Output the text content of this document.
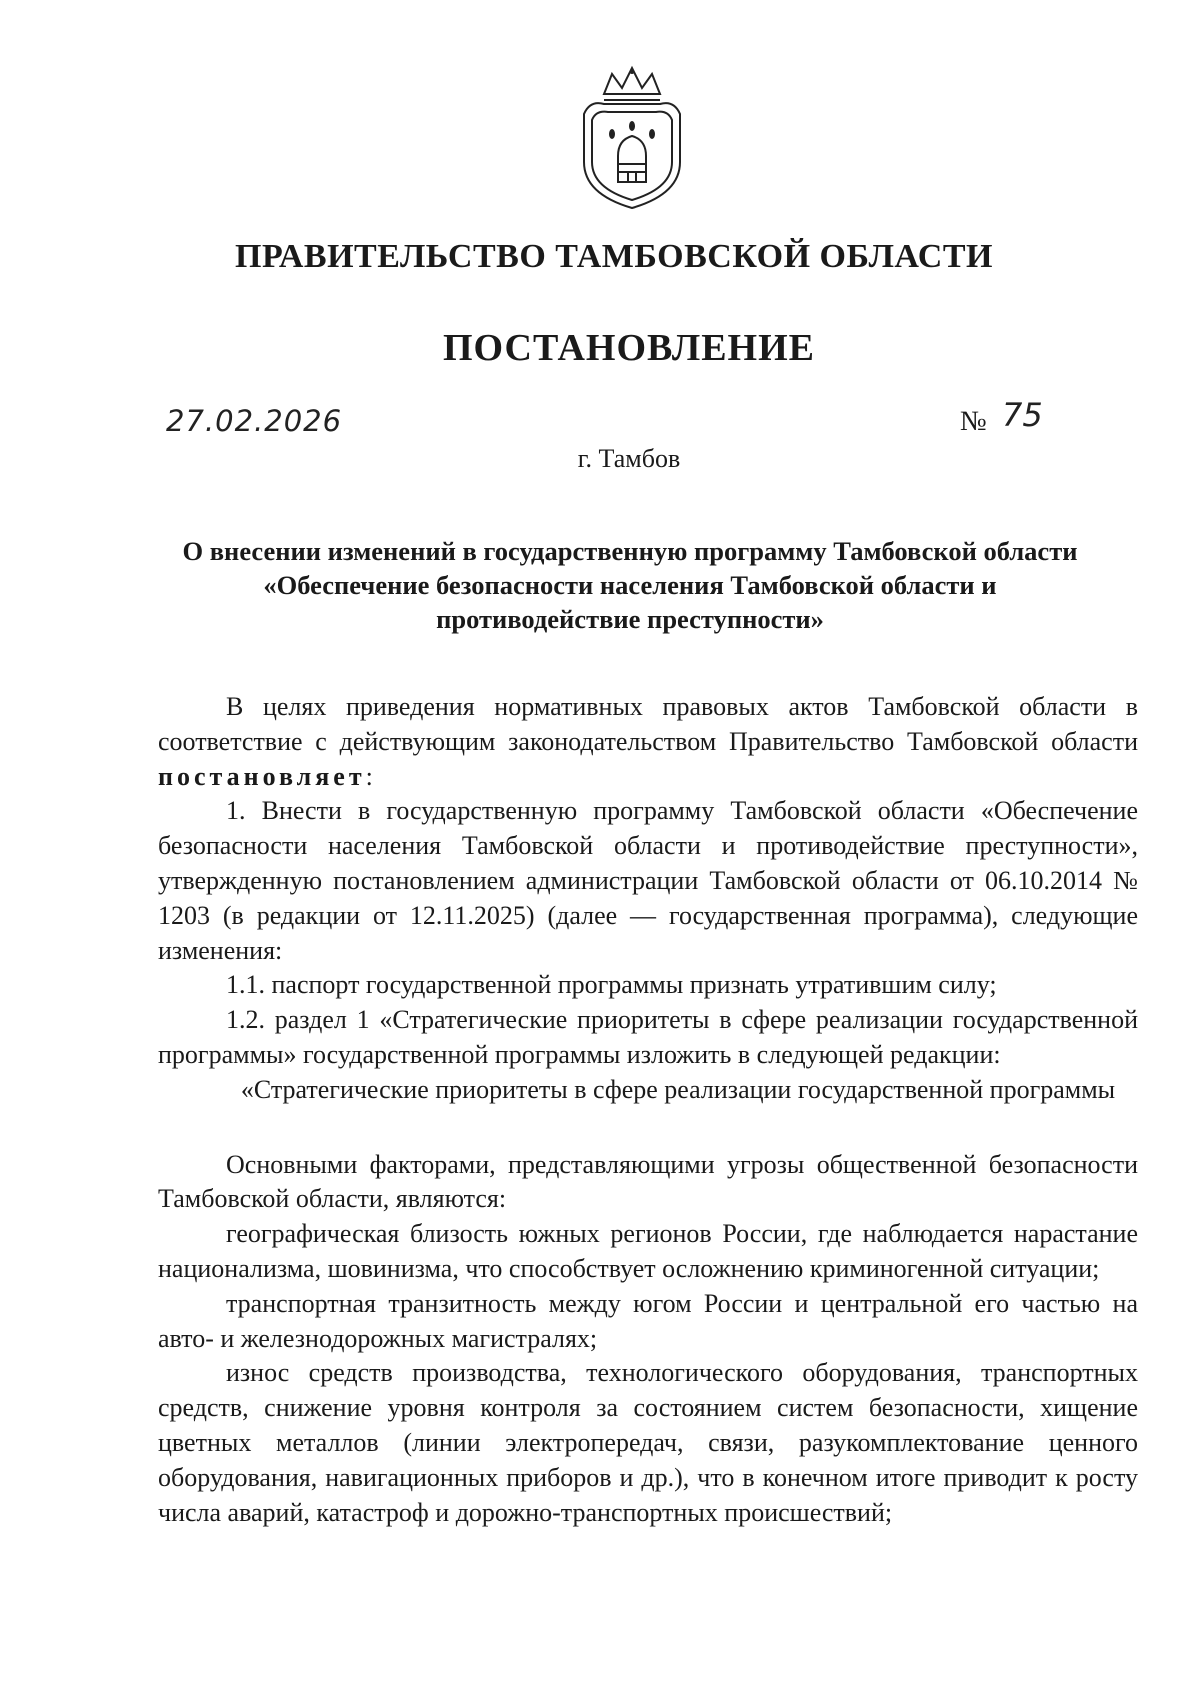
ПРАВИТЕЛЬСТВО ТАМБОВСКОЙ ОБЛАСТИ
ПОСТАНОВЛЕНИЕ
27.02.2026	№ 75
г. Тамбов
О внесении изменений в государственную программу Тамбовской области
«Обеспечение безопасности населения Тамбовской области и
противодействие преступности»

В целях приведения нормативных правовых актов Тамбовской области в соответствие с действующим законодательством Правительство Тамбовской области постановляет:

1. Внести в государственную программу Тамбовской области «Обеспечение безопасности населения Тамбовской области и противодействие преступности», утвержденную постановлением администрации Тамбовской области от 06.10.2014 № 1203 (в редакции от 12.11.2025) (далее — государственная программа), следующие изменения:

1.1. паспорт государственной программы признать утратившим силу;

1.2. раздел 1 «Стратегические приоритеты в сфере реализации государственной программы» государственной программы изложить в следующей редакции:

«Стратегические приоритеты в сфере реализации государственной программы

Основными факторами, представляющими угрозы общественной безопасности Тамбовской области, являются:

географическая близость южных регионов России, где наблюдается нарастание национализма, шовинизма, что способствует осложнению криминогенной ситуации;

транспортная транзитность между югом России и центральной его частью на авто- и железнодорожных магистралях;

износ средств производства, технологического оборудования, транспортных средств, снижение уровня контроля за состоянием систем безопасности, хищение цветных металлов (линии электропередач, связи, разукомплектование ценного оборудования, навигационных приборов и др.), что в конечном итоге приводит к росту числа аварий, катастроф и дорожно-транспортных происшествий;
